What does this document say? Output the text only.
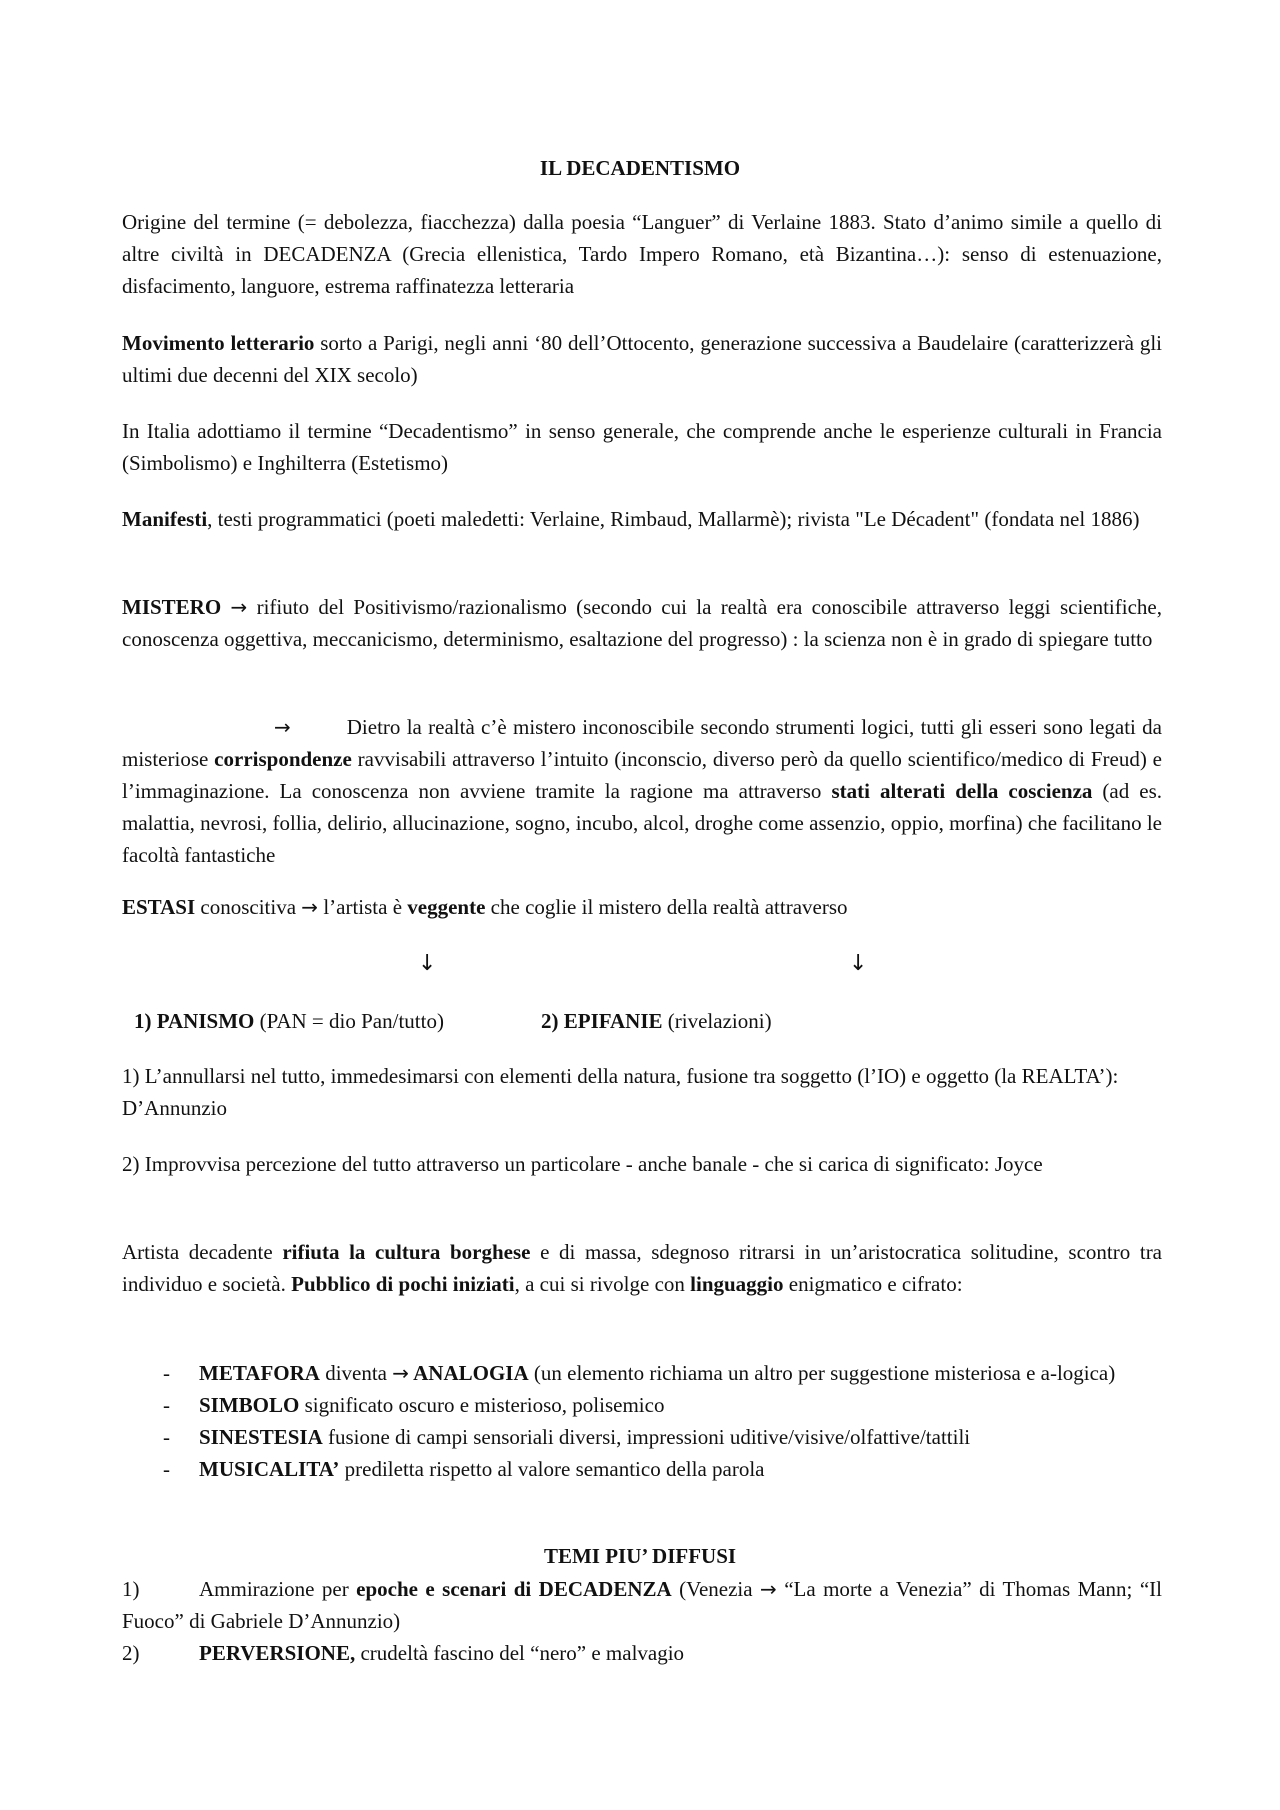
IL DECADENTISMO

Origine del termine (= debolezza, fiacchezza) dalla poesia “Languer” di Verlaine 1883. Stato d’animo simile a quello di altre civiltà in DECADENZA (Grecia ellenistica, Tardo Impero Romano, età Bizantina…): senso di estenuazione, disfacimento, languore, estrema raffinatezza letteraria

Movimento letterario sorto a Parigi, negli anni ‘80 dell’Ottocento, generazione successiva a Baudelaire (caratterizzerà gli ultimi due decenni del XIX secolo)

In Italia adottiamo il termine “Decadentismo” in senso generale, che comprende anche le esperienze culturali in Francia (Simbolismo) e Inghilterra (Estetismo)

Manifesti, testi programmatici (poeti maledetti: Verlaine, Rimbaud, Mallarmè); rivista "Le Décadent" (fondata nel 1886)

MISTERO → rifiuto del Positivismo/razionalismo (secondo cui la realtà era conoscibile attraverso leggi scientifiche, conoscenza oggettiva, meccanicismo, determinismo, esaltazione del progresso) : la scienza non è in grado di spiegare tutto

→	Dietro la realtà c’è mistero inconoscibile secondo strumenti logici, tutti gli esseri sono legati da misteriose corrispondenze ravvisabili attraverso l’intuito (inconscio, diverso però da quello scientifico/medico di Freud) e l’immaginazione. La conoscenza non avviene tramite la ragione ma attraverso stati alterati della coscienza (ad es. malattia, nevrosi, follia, delirio, allucinazione, sogno, incubo, alcol, droghe come assenzio, oppio, morfina) che facilitano le facoltà fantastiche

ESTASI conoscitiva → l’artista è veggente che coglie il mistero della realtà attraverso

↓	↓
1) PANISMO (PAN = dio Pan/tutto)	2) EPIFANIE (rivelazioni)

1) L’annullarsi nel tutto, immedesimarsi con elementi della natura, fusione tra soggetto (l’IO) e oggetto (la REALTA’): D’Annunzio

2) Improvvisa percezione del tutto attraverso un particolare - anche banale - che si carica di significato: Joyce

Artista decadente rifiuta la cultura borghese e di massa, sdegnoso ritrarsi in un’aristocratica solitudine, scontro tra individuo e società. Pubblico di pochi iniziati, a cui si rivolge con linguaggio enigmatico e cifrato:

- METAFORA diventa → ANALOGIA (un elemento richiama un altro per suggestione misteriosa e a-logica)
- SIMBOLO significato oscuro e misterioso, polisemico
- SINESTESIA fusione di campi sensoriali diversi, impressioni uditive/visive/olfattive/tattili
- MUSICALITA’ prediletta rispetto al valore semantico della parola
TEMI PIU’ DIFFUSI
1)	Ammirazione per epoche e scenari di DECADENZA (Venezia → “La morte a Venezia” di Thomas Mann; “Il Fuoco” di Gabriele D’Annunzio)
2)	PERVERSIONE, crudeltà fascino del “nero” e malvagio
